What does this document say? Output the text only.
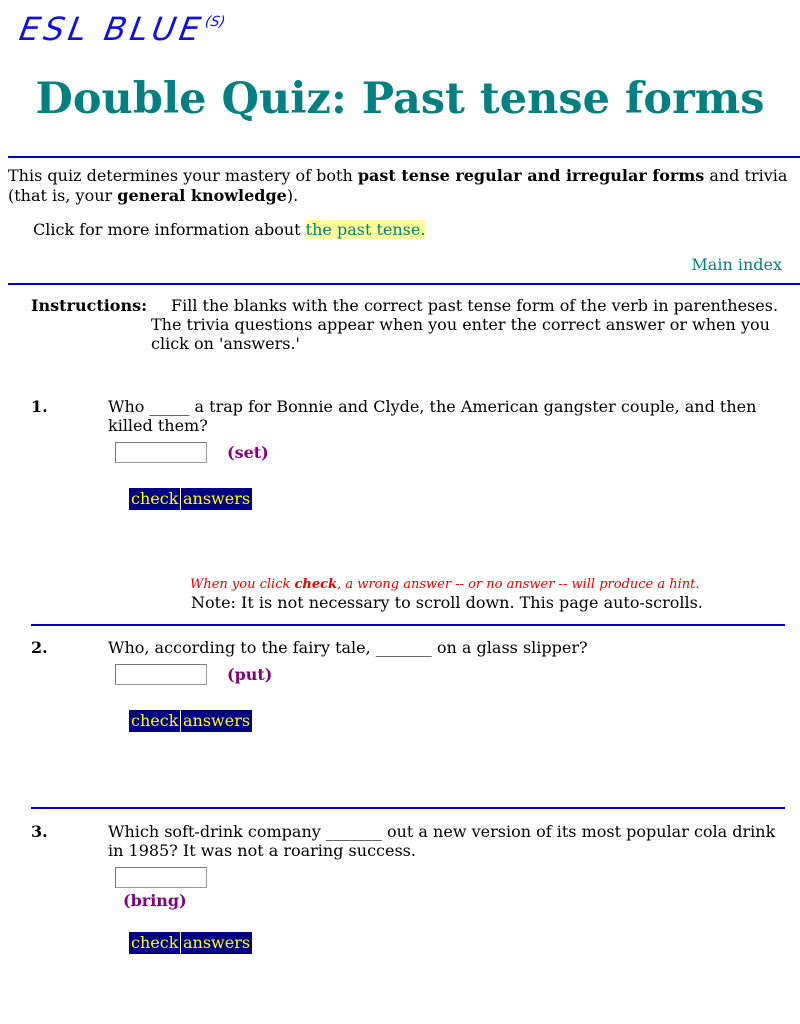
ESL $BLUE^{(S)}$
Double Quiz: Past tense forms
This quiz determines your mastery of both past tense regular and irregular forms and trivia (that is, your general knowledge).
Click for more information about the past tense.
Main index
Instructions:	Fill the blanks with the correct past tense form of the verb in parentheses. The trivia questions appear when you enter the correct answer or when you click on 'answers.'
1.	Who _____ a trap for Bonnie and Clyde, the American gangster couple, and then killed them?
(set)
check answers
When you click check, a wrong answer -- or no answer -- will produce a hint.
Note: It is not necessary to scroll down. This page auto-scrolls.
2.	Who, according to the fairy tale, _______ on a glass slipper?
(put)
check answers
3.	Which soft-drink company _______ out a new version of its most popular cola drink in 1985? It was not a roaring success.
(bring)
check answers
